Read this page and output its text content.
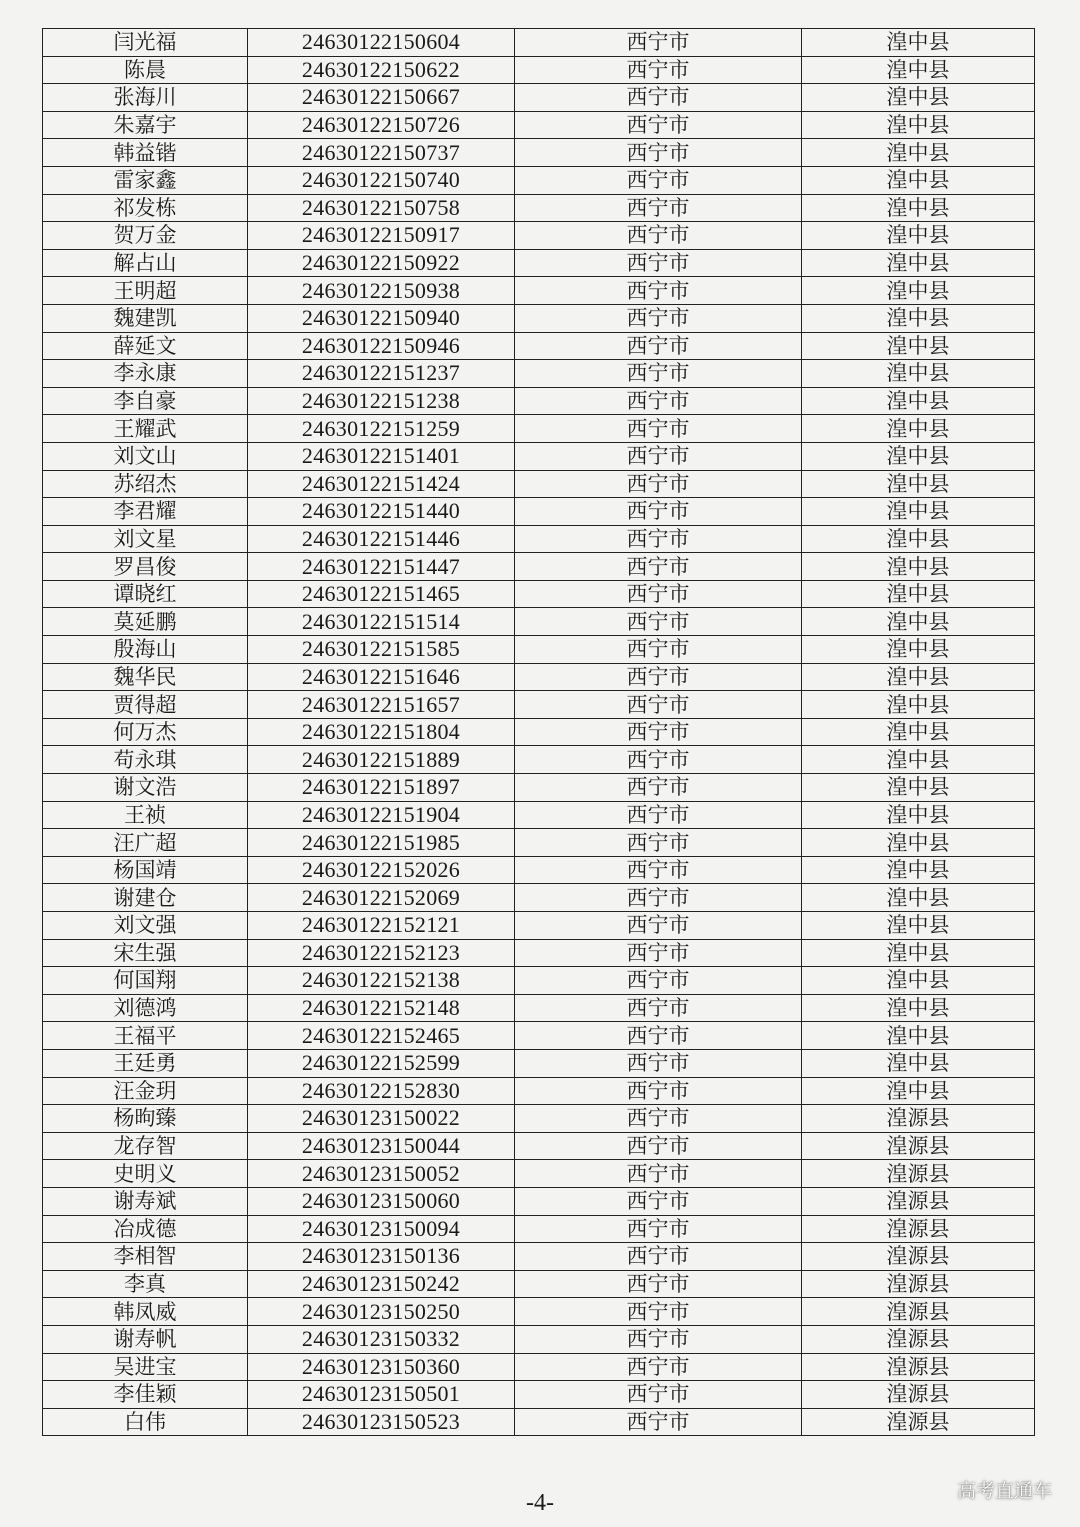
闫光福	24630122150604	西宁市	湟中县
陈晨	24630122150622	西宁市	湟中县
张海川	24630122150667	西宁市	湟中县
朱嘉宇	24630122150726	西宁市	湟中县
韩益锴	24630122150737	西宁市	湟中县
雷家鑫	24630122150740	西宁市	湟中县
祁发栋	24630122150758	西宁市	湟中县
贺万金	24630122150917	西宁市	湟中县
解占山	24630122150922	西宁市	湟中县
王明超	24630122150938	西宁市	湟中县
魏建凯	24630122150940	西宁市	湟中县
薛延文	24630122150946	西宁市	湟中县
李永康	24630122151237	西宁市	湟中县
李自豪	24630122151238	西宁市	湟中县
王耀武	24630122151259	西宁市	湟中县
刘文山	24630122151401	西宁市	湟中县
苏绍杰	24630122151424	西宁市	湟中县
李君耀	24630122151440	西宁市	湟中县
刘文星	24630122151446	西宁市	湟中县
罗昌俊	24630122151447	西宁市	湟中县
谭晓红	24630122151465	西宁市	湟中县
莫延鹏	24630122151514	西宁市	湟中县
殷海山	24630122151585	西宁市	湟中县
魏华民	24630122151646	西宁市	湟中县
贾得超	24630122151657	西宁市	湟中县
何万杰	24630122151804	西宁市	湟中县
苟永琪	24630122151889	西宁市	湟中县
谢文浩	24630122151897	西宁市	湟中县
王祯	24630122151904	西宁市	湟中县
汪广超	24630122151985	西宁市	湟中县
杨国靖	24630122152026	西宁市	湟中县
谢建仓	24630122152069	西宁市	湟中县
刘文强	24630122152121	西宁市	湟中县
宋生强	24630122152123	西宁市	湟中县
何国翔	24630122152138	西宁市	湟中县
刘德鸿	24630122152148	西宁市	湟中县
王福平	24630122152465	西宁市	湟中县
王廷勇	24630122152599	西宁市	湟中县
汪金玥	24630122152830	西宁市	湟中县
杨昫臻	24630123150022	西宁市	湟源县
龙存智	24630123150044	西宁市	湟源县
史明义	24630123150052	西宁市	湟源县
谢寿斌	24630123150060	西宁市	湟源县
冶成德	24630123150094	西宁市	湟源县
李相智	24630123150136	西宁市	湟源县
李真	24630123150242	西宁市	湟源县
韩凤威	24630123150250	西宁市	湟源县
谢寿帆	24630123150332	西宁市	湟源县
吴进宝	24630123150360	西宁市	湟源县
李佳颖	24630123150501	西宁市	湟源县
白伟	24630123150523	西宁市	湟源县
-4-	高考直通车
